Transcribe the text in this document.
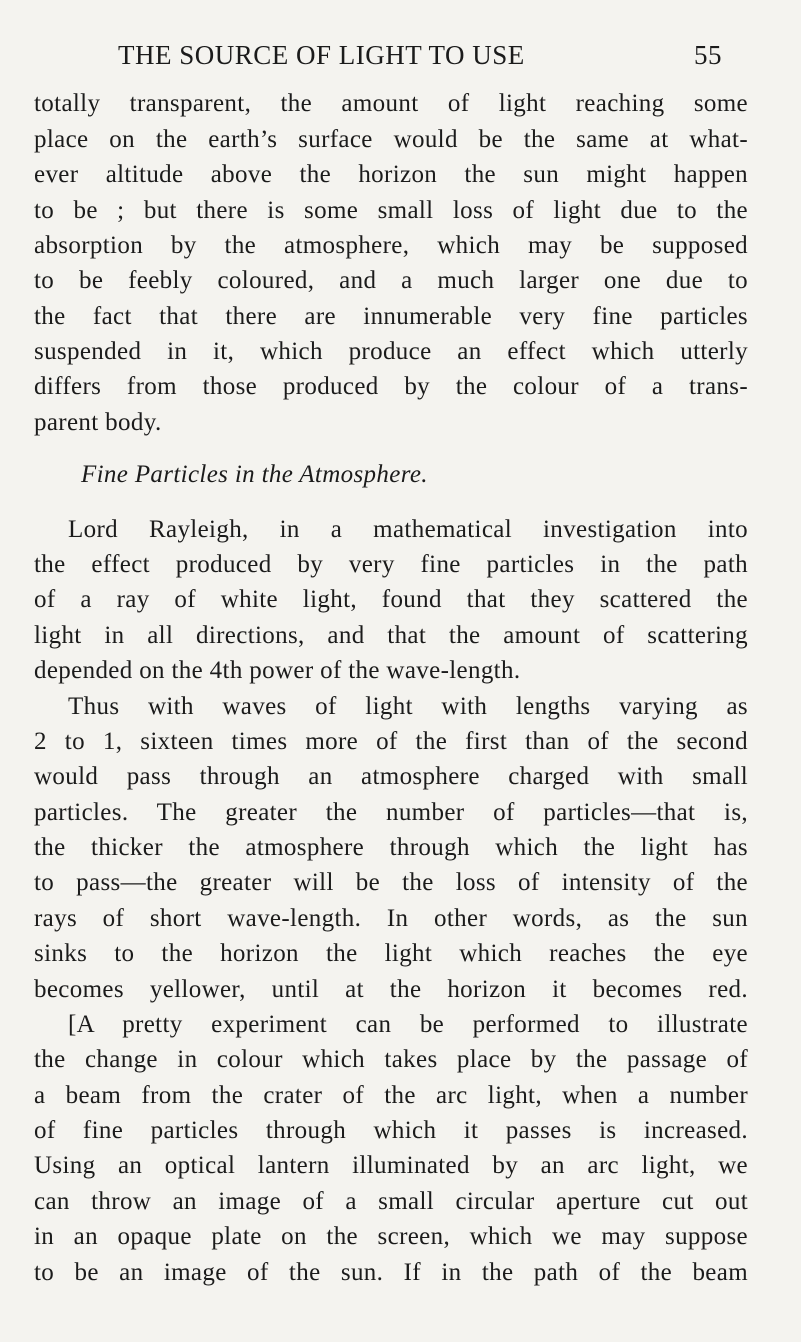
THE SOURCE OF LIGHT TO USE	55
totally transparent, the amount of light reaching some
place on the earth’s surface would be the same at what-
ever altitude above the horizon the sun might happen
to be ; but there is some small loss of light due to the
absorption by the atmosphere, which may be supposed
to be feebly coloured, and a much larger one due to
the fact that there are innumerable very fine particles
suspended in it, which produce an effect which utterly
differs from those produced by the colour of a trans-
parent body.
Fine Particles in the Atmosphere.
Lord Rayleigh, in a mathematical investigation into
the effect produced by very fine particles in the path
of a ray of white light, found that they scattered the
light in all directions, and that the amount of scattering
depended on the 4th power of the wave-length.
Thus with waves of light with lengths varying as
2 to 1, sixteen times more of the first than of the second
would pass through an atmosphere charged with small
particles. The greater the number of particles—that is,
the thicker the atmosphere through which the light has
to pass—the greater will be the loss of intensity of the
rays of short wave-length. In other words, as the sun
sinks to the horizon the light which reaches the eye
becomes yellower, until at the horizon it becomes red.
[A pretty experiment can be performed to illustrate
the change in colour which takes place by the passage of
a beam from the crater of the arc light, when a number
of fine particles through which it passes is increased.
Using an optical lantern illuminated by an arc light, we
can throw an image of a small circular aperture cut out
in an opaque plate on the screen, which we may suppose
to be an image of the sun. If in the path of the beam
